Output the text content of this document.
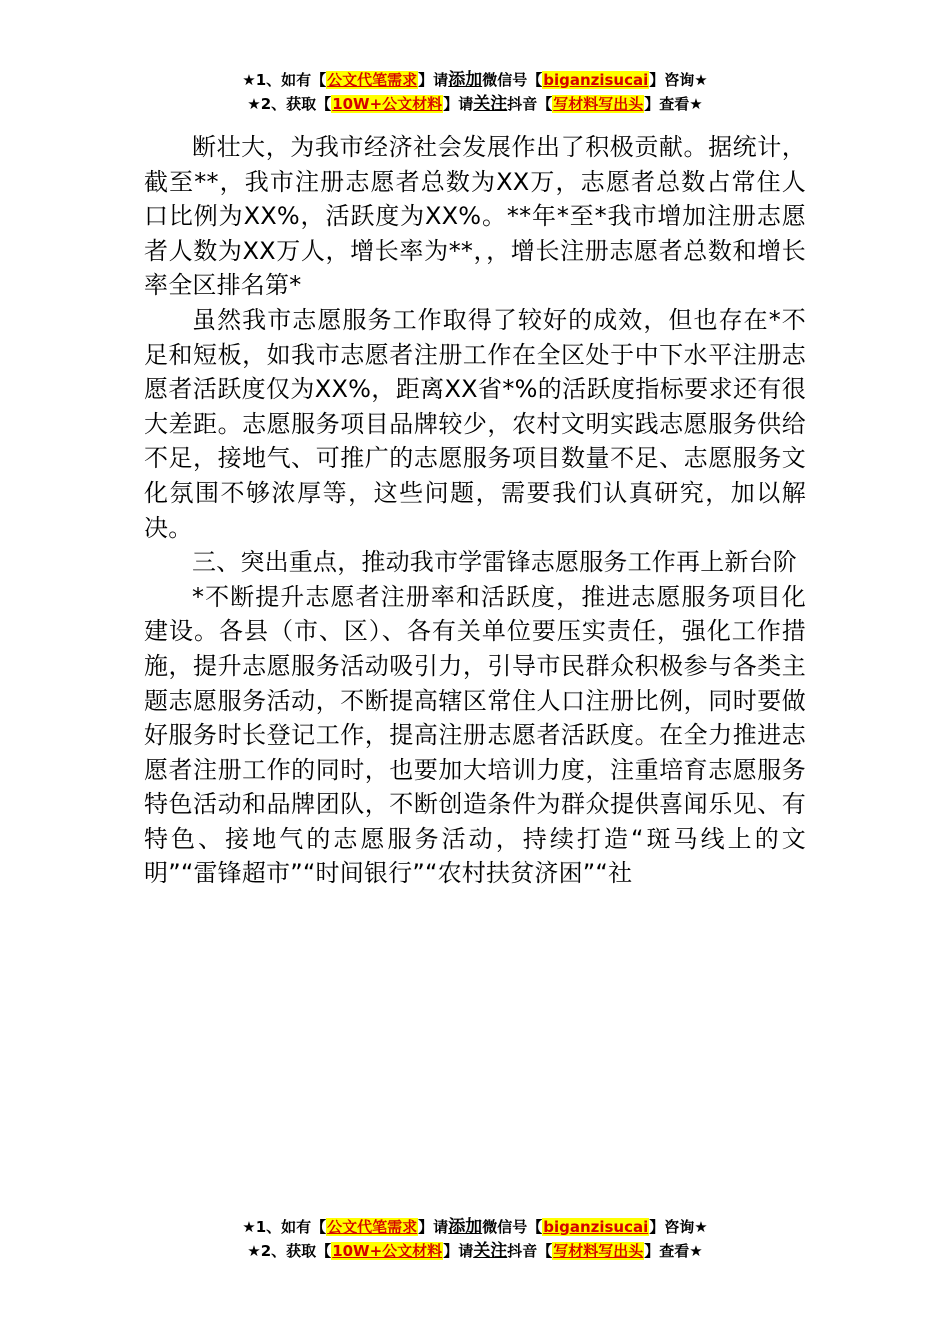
★1、如有【公文代笔需求】请添加微信号【biganzisucai】咨询★
★2、获取【10W+公文材料】请关注抖音【写材料写出头】查看★

断壮大，为我市经济社会发展作出了积极贡献。据统计，截至**，我市注册志愿者总数为XX万，志愿者总数占常住人口比例为XX%，活跃度为XX%。**年*至*我市增加注册志愿者人数为XX万人，增长率为**，，增长注册志愿者总数和增长率全区排名第*

虽然我市志愿服务工作取得了较好的成效，但也存在*不足和短板，如我市志愿者注册工作在全区处于中下水平注册志愿者活跃度仅为XX%，距离XX省*%的活跃度指标要求还有很大差距。志愿服务项目品牌较少，农村文明实践志愿服务供给不足，接地气、可推广的志愿服务项目数量不足、志愿服务文化氛围不够浓厚等，这些问题，需要我们认真研究，加以解决。

三、突出重点，推动我市学雷锋志愿服务工作再上新台阶

*不断提升志愿者注册率和活跃度，推进志愿服务项目化建设。各县（市、区）、各有关单位要压实责任，强化工作措施，提升志愿服务活动吸引力，引导市民群众积极参与各类主题志愿服务活动，不断提高辖区常住人口注册比例，同时要做好服务时长登记工作，提高注册志愿者活跃度。在全力推进志愿者注册工作的同时，也要加大培训力度，注重培育志愿服务特色活动和品牌团队，不断创造条件为群众提供喜闻乐见、有特色、接地气的志愿服务活动，持续打造“斑马线上的文明”“雷锋超市”“时间银行”“农村扶贫济困”“社

★1、如有【公文代笔需求】请添加微信号【biganzisucai】咨询★
★2、获取【10W+公文材料】请关注抖音【写材料写出头】查看★
